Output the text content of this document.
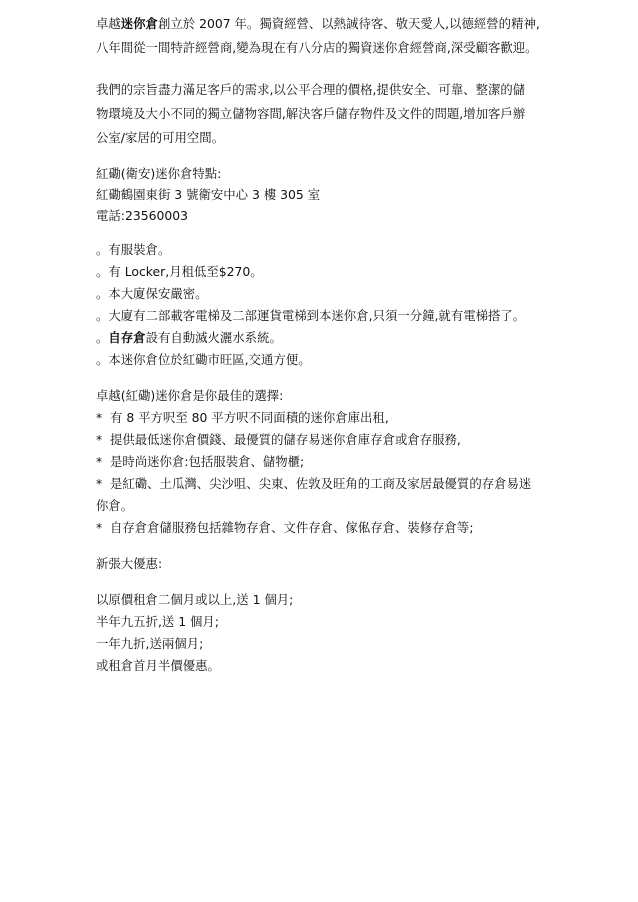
卓越迷你倉創立於 2007 年。獨資經營、以熱誠待客、敬天愛人,以德經營的精神,
八年間從一間特許經營商,變為現在有八分店的獨資迷你倉經營商,深受顧客歡迎。
我們的宗旨盡力滿足客戶的需求,以公平合理的價格,提供安全、可靠、整潔的儲
物環境及大小不同的獨立儲物容間,解決客戶儲存物件及文件的問題,增加客戶辦
公室/家居的可用空間。
紅磡(衛安)迷你倉特點:
紅磡鶴園東街 3 號衛安中心 3 樓 305 室
電話:23560003
。有服裝倉。
。有 Locker,月租低至$270。
。本大廈保安嚴密。
。大廈有二部載客電梯及二部運貨電梯到本迷你倉,只須一分鐘,就有電梯搭了。
。自存倉設有自動滅火灑水系統。
。本迷你倉位於紅磡市旺區,交通方便。
卓越(紅磡)迷你倉是你最佳的選擇:
* 有 8 平方呎至 80 平方呎不同面積的迷你倉庫出租,
* 提供最低迷你倉價錢、最優質的儲存易迷你倉庫存倉或倉存服務,
* 是時尚迷你倉:包括服裝倉、儲物櫃;
* 是紅磡、土瓜灣、尖沙咀、尖東、佐敦及旺角的工商及家居最優質的存倉易迷
你倉。
* 自存倉倉儲服務包括雜物存倉、文件存倉、傢俬存倉、裝修存倉等;
新張大優惠:
以原價租倉二個月或以上,送 1 個月;
半年九五折,送 1 個月;
一年九折,送兩個月;
或租倉首月半價優惠。
